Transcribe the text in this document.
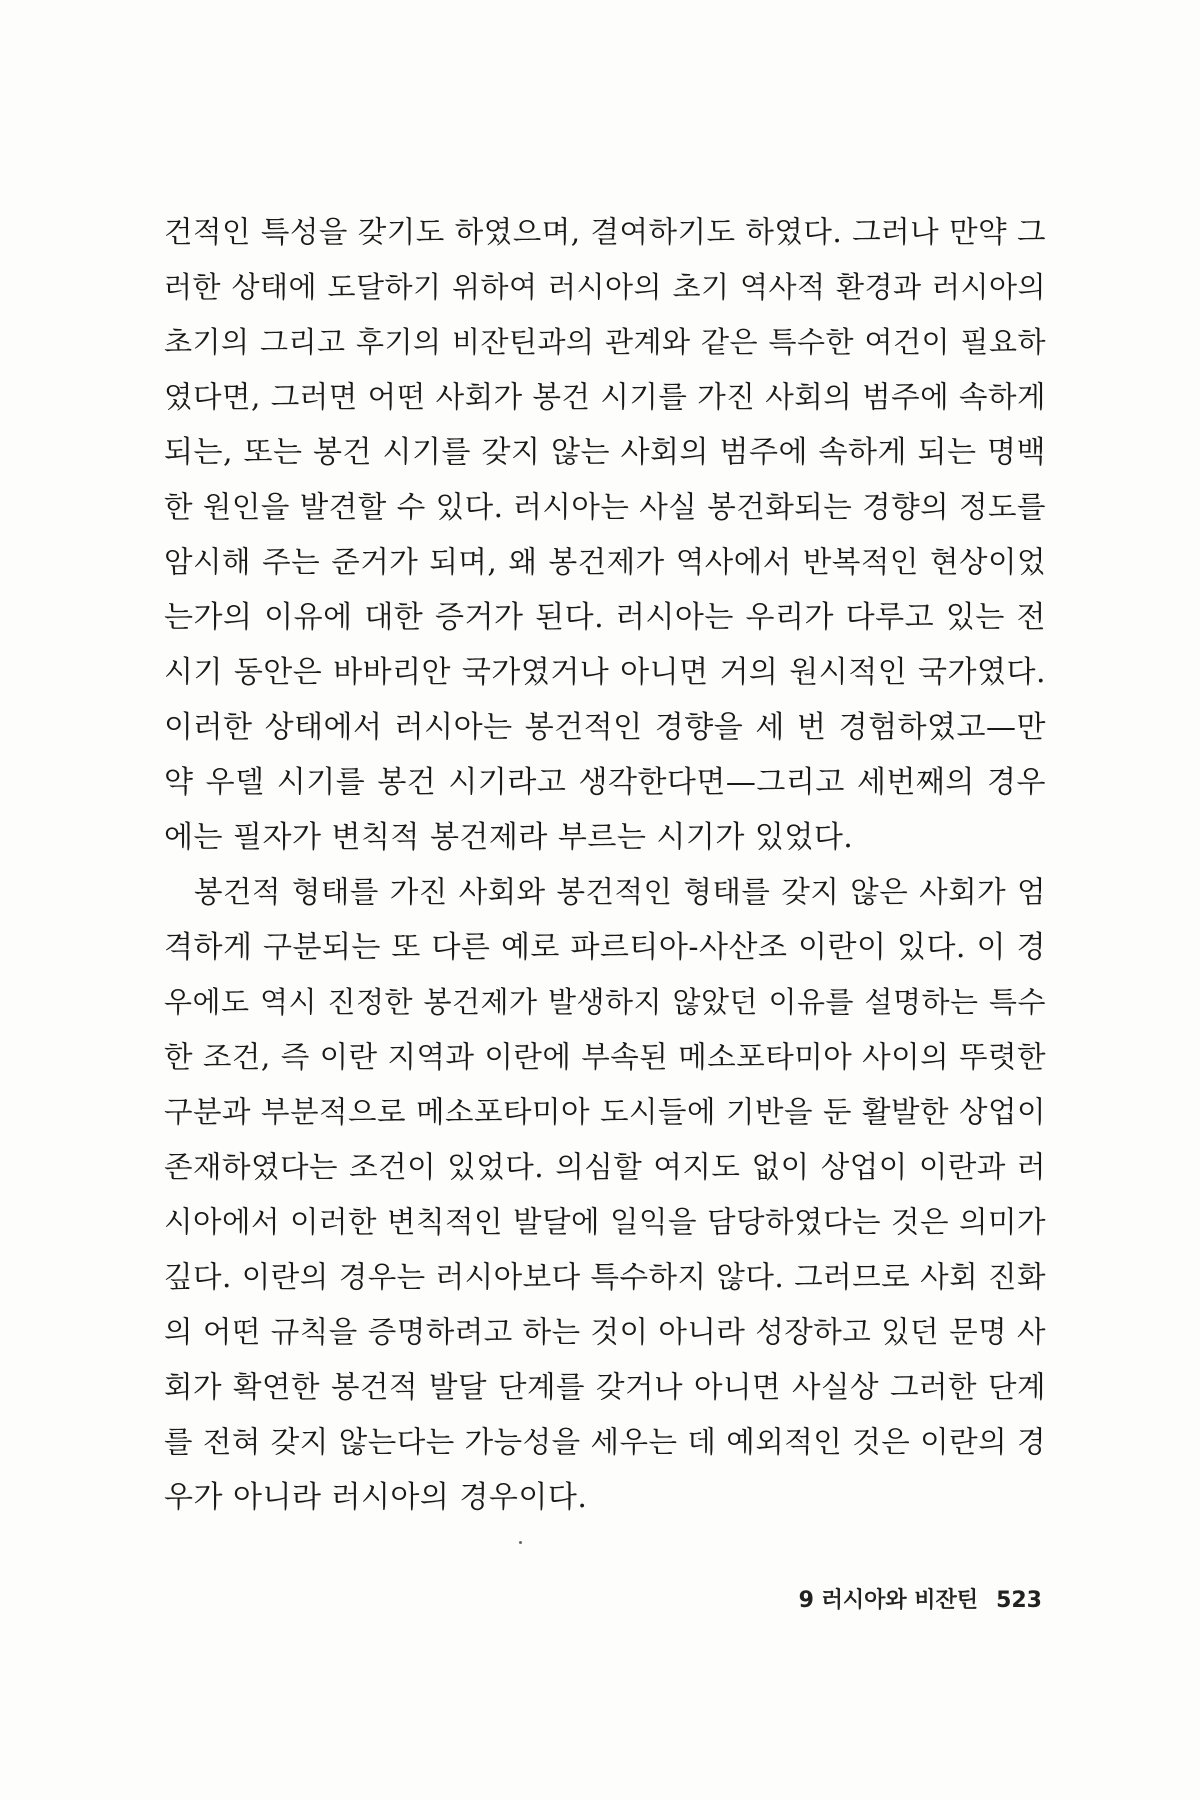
건적인 특성을 갖기도 하였으며, 결여하기도 하였다. 그러나 만약 그
러한 상태에 도달하기 위하여 러시아의 초기 역사적 환경과 러시아의
초기의 그리고 후기의 비잔틴과의 관계와 같은 특수한 여건이 필요하
였다면, 그러면 어떤 사회가 봉건 시기를 가진 사회의 범주에 속하게
되는, 또는 봉건 시기를 갖지 않는 사회의 범주에 속하게 되는 명백
한 원인을 발견할 수 있다. 러시아는 사실 봉건화되는 경향의 정도를
암시해 주는 준거가 되며, 왜 봉건제가 역사에서 반복적인 현상이었
는가의 이유에 대한 증거가 된다. 러시아는 우리가 다루고 있는 전
시기 동안은 바바리안 국가였거나 아니면 거의 원시적인 국가였다.
이러한 상태에서 러시아는 봉건적인 경향을 세 번 경험하였고—만
약 우델 시기를 봉건 시기라고 생각한다면—그리고 세번째의 경우
에는 필자가 변칙적 봉건제라 부르는 시기가 있었다.
봉건적 형태를 가진 사회와 봉건적인 형태를 갖지 않은 사회가 엄
격하게 구분되는 또 다른 예로 파르티아-사산조 이란이 있다. 이 경
우에도 역시 진정한 봉건제가 발생하지 않았던 이유를 설명하는 특수
한 조건, 즉 이란 지역과 이란에 부속된 메소포타미아 사이의 뚜렷한
구분과 부분적으로 메소포타미아 도시들에 기반을 둔 활발한 상업이
존재하였다는 조건이 있었다. 의심할 여지도 없이 상업이 이란과 러
시아에서 이러한 변칙적인 발달에 일익을 담당하였다는 것은 의미가
깊다. 이란의 경우는 러시아보다 특수하지 않다. 그러므로 사회 진화
의 어떤 규칙을 증명하려고 하는 것이 아니라 성장하고 있던 문명 사
회가 확연한 봉건적 발달 단계를 갖거나 아니면 사실상 그러한 단계
를 전혀 갖지 않는다는 가능성을 세우는 데 예외적인 것은 이란의 경
우가 아니라 러시아의 경우이다.
9 러시아와 비잔틴 523
